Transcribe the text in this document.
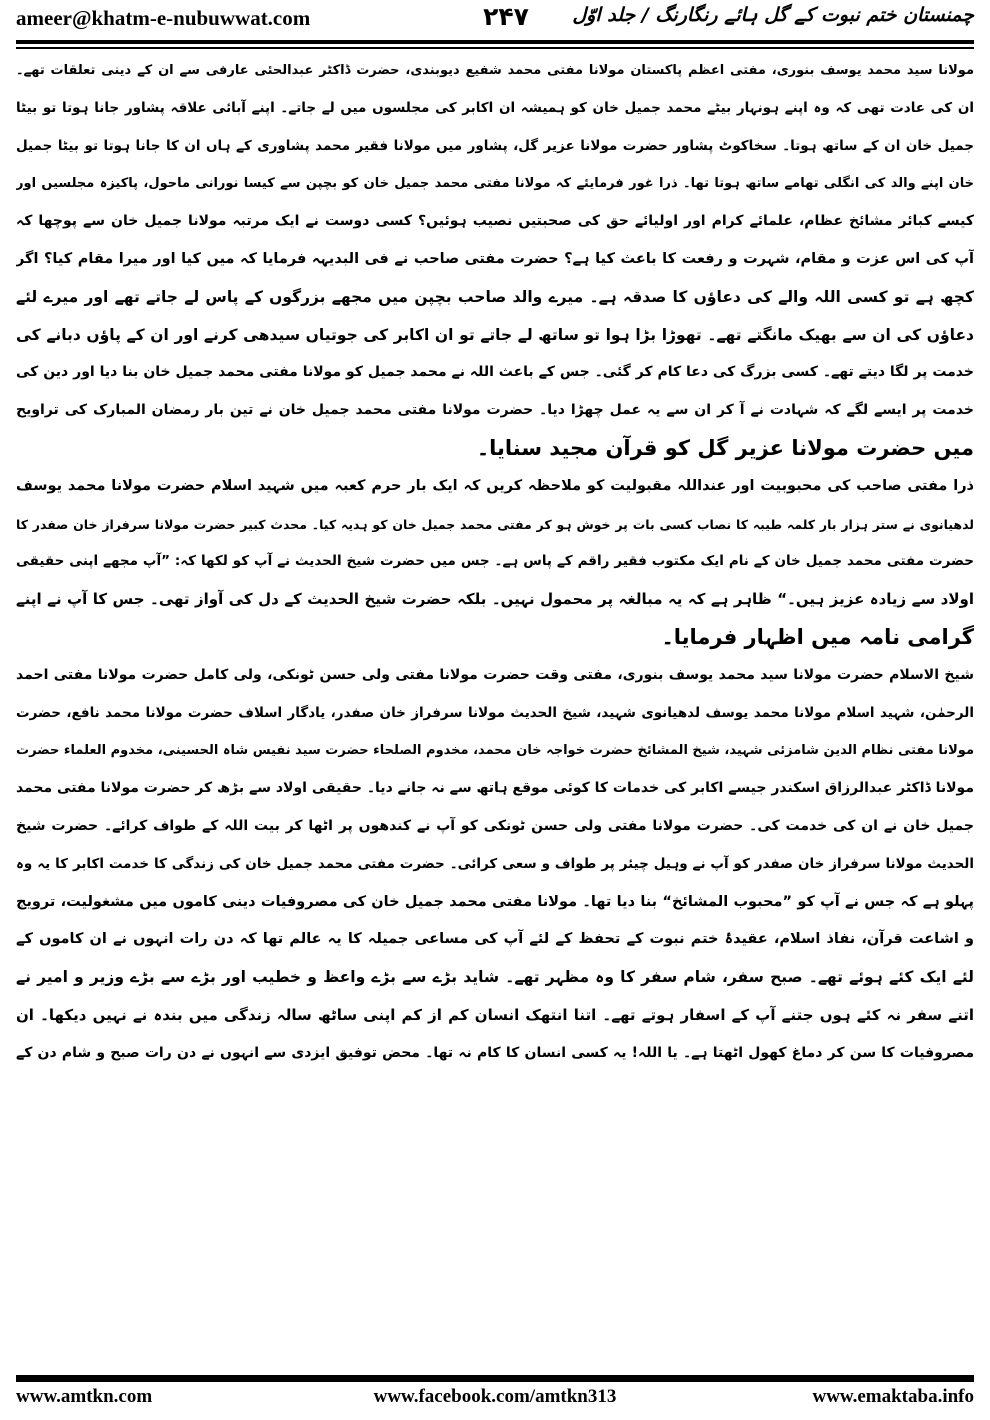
ameer@khatm-e-nubuwwat.com	۲۴۷	چمنستان ختم نبوت کے گل ہائے رنگارنگ / جلد اوّل
مولانا سید محمد یوسف بنوری، مفتی اعظم پاکستان مولانا مفتی محمد شفیع دیوبندی، حضرت ڈاکٹر عبدالحئی عارفی سے ان کے دینی تعلقات تھے۔
ان کی عادت تھی کہ وہ اپنے ہونہار بیٹے محمد جمیل خان کو ہمیشہ ان اکابر کی مجلسوں میں لے جاتے۔ اپنے آبائی علاقہ پشاور جانا ہوتا تو بیٹا
جمیل خان ان کے ساتھ ہوتا۔ سخاکوٹ پشاور حضرت مولانا عزیر گل، پشاور میں مولانا فقیر محمد پشاوری کے ہاں ان کا جانا ہوتا تو بیٹا جمیل
خان اپنے والد کی انگلی تھامے ساتھ ہوتا تھا۔ ذرا غور فرمایئے کہ مولانا مفتی محمد جمیل خان کو بچپن سے کیسا نورانی ماحول، پاکیزہ مجلسیں اور
کیسے کبائر مشائخ عظام، علمائے کرام اور اولیائے حق کی صحبتیں نصیب ہوئیں؟ کسی دوست نے ایک مرتبہ مولانا جمیل خان سے پوچھا کہ
آپ کی اس عزت و مقام، شہرت و رفعت کا باعث کیا ہے؟ حضرت مفتی صاحب نے فی البدیہہ فرمایا کہ میں کیا اور میرا مقام کیا؟ اگر
کچھ ہے تو کسی اللہ والے کی دعاؤں کا صدقہ ہے۔ میرے والد صاحب بچپن میں مجھے بزرگوں کے پاس لے جاتے تھے اور میرے لئے
دعاؤں کی ان سے بھیک مانگتے تھے۔ تھوڑا بڑا ہوا تو ساتھ لے جاتے تو ان اکابر کی جوتیاں سیدھی کرنے اور ان کے پاؤں دبانے کی
خدمت پر لگا دیتے تھے۔ کسی بزرگ کی دعا کام کر گئی۔ جس کے باعث اللہ نے محمد جمیل کو مولانا مفتی محمد جمیل خان بنا دیا اور دین کی
خدمت پر ایسے لگے کہ شہادت نے آ کر ان سے یہ عمل چھڑا دیا۔ حضرت مولانا مفتی محمد جمیل خان نے تین بار رمضان المبارک کی تراویح
میں حضرت مولانا عزیر گل کو قرآن مجید سنایا۔
ذرا مفتی صاحب کی محبوبیت اور عنداللہ مقبولیت کو ملاحظہ کریں کہ ایک بار حرم کعبہ میں شہید اسلام حضرت مولانا محمد یوسف
لدھیانوی نے ستر ہزار بار کلمہ طیبہ کا نصاب کسی بات پر خوش ہو کر مفتی محمد جمیل خان کو ہدیہ کیا۔ محدث کبیر حضرت مولانا سرفراز خان صفدر کا
حضرت مفتی محمد جمیل خان کے نام ایک مکتوب فقیر راقم کے پاس ہے۔ جس میں حضرت شیخ الحدیث نے آپ کو لکھا کہ: ”آپ مجھے اپنی حقیقی
اولاد سے زیادہ عزیز ہیں۔“ ظاہر ہے کہ یہ مبالغہ پر محمول نہیں۔ بلکہ حضرت شیخ الحدیث کے دل کی آواز تھی۔ جس کا آپ نے اپنے
گرامی نامہ میں اظہار فرمایا۔
شیخ الاسلام حضرت مولانا سید محمد یوسف بنوری، مفتی وقت حضرت مولانا مفتی ولی حسن ٹونکی، ولی کامل حضرت مولانا مفتی احمد
الرحمٰن، شہید اسلام مولانا محمد یوسف لدھیانوی شہید، شیخ الحدیث مولانا سرفراز خان صفدر، یادگار اسلاف حضرت مولانا محمد نافع، حضرت
مولانا مفتی نظام الدین شامزئی شہید، شیخ المشائخ حضرت خواجہ خان محمد، مخدوم الصلحاء حضرت سید نفیس شاہ الحسینی، مخدوم العلماء حضرت
مولانا ڈاکٹر عبدالرزاق اسکندر جیسے اکابر کی خدمات کا کوئی موقع ہاتھ سے نہ جانے دیا۔ حقیقی اولاد سے بڑھ کر حضرت مولانا مفتی محمد
جمیل خان نے ان کی خدمت کی۔ حضرت مولانا مفتی ولی حسن ٹونکی کو آپ نے کندھوں پر اٹھا کر بیت اللہ کے طواف کرائے۔ حضرت شیخ
الحدیث مولانا سرفراز خان صفدر کو آپ نے وہیل چیئر پر طواف و سعی کرائی۔ حضرت مفتی محمد جمیل خان کی زندگی کا خدمت اکابر کا یہ وہ
پہلو ہے کہ جس نے آپ کو ”محبوب المشائخ“ بنا دیا تھا۔ مولانا مفتی محمد جمیل خان کی مصروفیات دینی کاموں میں مشغولیت، ترویج
و اشاعت قرآن، نفاذ اسلام، عقیدۂ ختم نبوت کے تحفظ کے لئے آپ کی مساعی جمیلہ کا یہ عالم تھا کہ دن رات انہوں نے ان کاموں کے
لئے ایک کئے ہوئے تھے۔ صبح سفر، شام سفر کا وہ مظہر تھے۔ شاید بڑے سے بڑے واعظ و خطیب اور بڑے سے بڑے وزیر و امیر نے
اتنے سفر نہ کئے ہوں جتنے آپ کے اسفار ہوتے تھے۔ اتنا انتھک انسان کم از کم اپنی ساٹھ سالہ زندگی میں بندہ نے نہیں دیکھا۔ ان
مصروفیات کا سن کر دماغ کھول اٹھتا ہے۔ یا اللہ! یہ کسی انسان کا کام نہ تھا۔ محض توفیق ایزدی سے انہوں نے دن رات صبح و شام دن کے
www.amtkn.com	www.facebook.com/amtkn313	www.emaktaba.info
